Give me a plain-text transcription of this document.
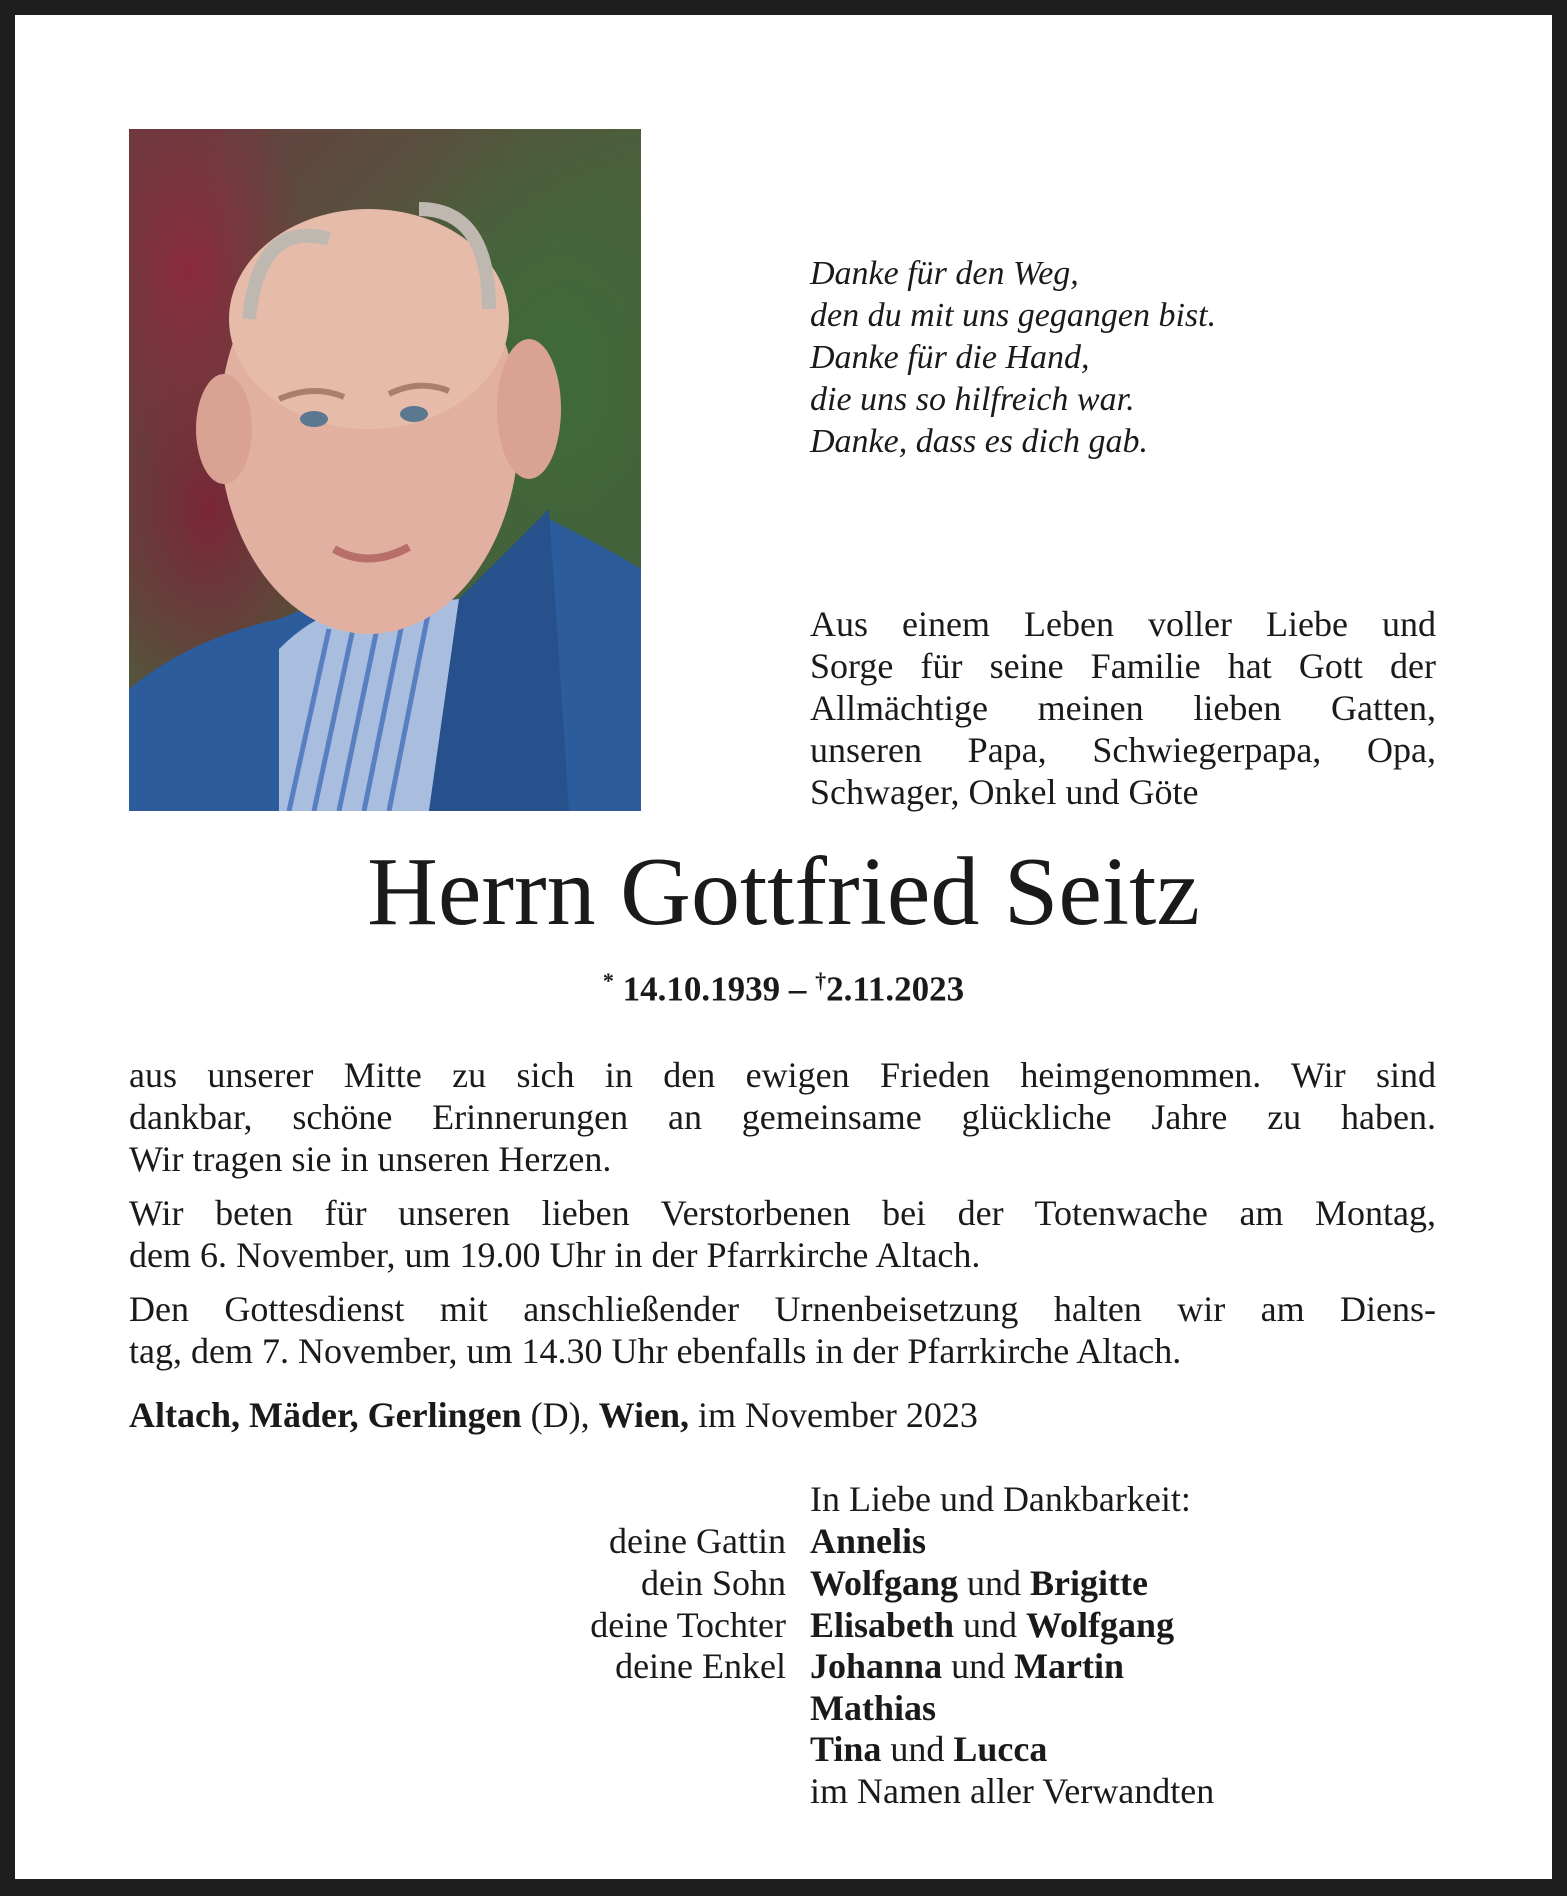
Danke für den Weg,
den du mit uns gegangen bist.
Danke für die Hand,
die uns so hilfreich war.
Danke, dass es dich gab.
Aus einem Leben voller Liebe und
Sorge für seine Familie hat Gott der
Allmächtige meinen lieben Gatten,
unseren Papa, Schwiegerpapa, Opa,
Schwager, Onkel und Göte
Herrn Gottfried Seitz
* 14.10.1939 – †2.11.2023
aus unserer Mitte zu sich in den ewigen Frieden heimgenommen. Wir sind
dankbar, schöne Erinnerungen an gemeinsame glückliche Jahre zu haben.
Wir tragen sie in unseren Herzen.
Wir beten für unseren lieben Verstorbenen bei der Totenwache am Montag,
dem 6. November, um 19.00 Uhr in der Pfarrkirche Altach.
Den Gottesdienst mit anschließender Urnenbeisetzung halten wir am Diens-
tag, dem 7. November, um 14.30 Uhr ebenfalls in der Pfarrkirche Altach.
Altach, Mäder, Gerlingen (D), Wien, im November 2023
In Liebe und Dankbarkeit:
deine Gattin Annelis
dein Sohn Wolfgang und Brigitte
deine Tochter Elisabeth und Wolfgang
deine Enkel Johanna und Martin
Mathias
Tina und Lucca
im Namen aller Verwandten
